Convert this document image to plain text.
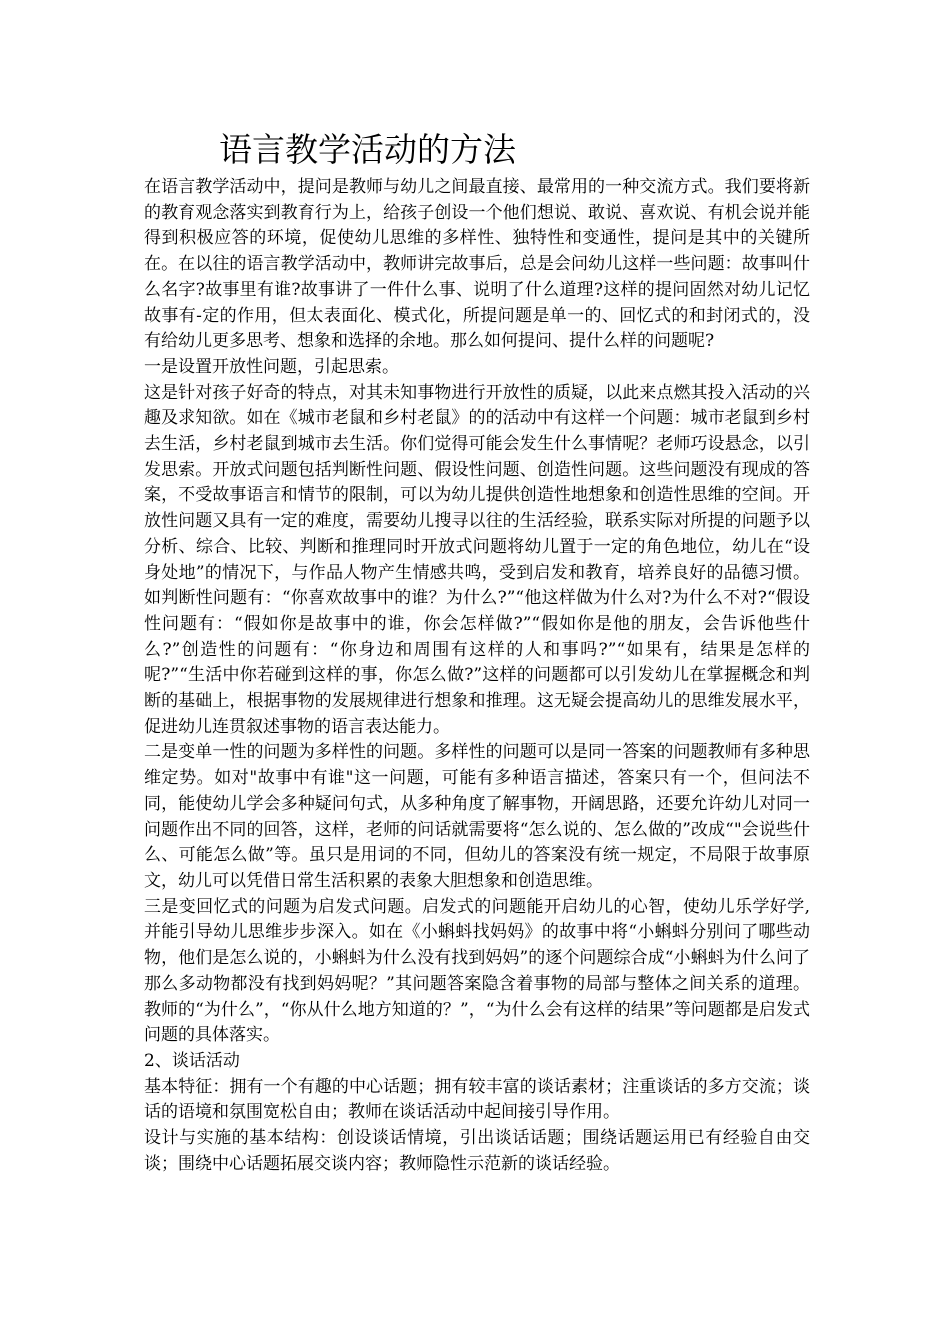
语言教学活动的方法

在语言教学活动中，提问是教师与幼儿之间最直接、最常用的一种交流方式。我们要将新的教育观念落实到教育行为上，给孩子创设一个他们想说、敢说、喜欢说、有机会说并能得到积极应答的环境，促使幼儿思维的多样性、独特性和变通性，提问是其中的关键所在。在以往的语言教学活动中，教师讲完故事后，总是会问幼儿这样一些问题：故事叫什么名字?故事里有谁?故事讲了一件什么事、说明了什么道理?这样的提问固然对幼儿记忆故事有-定的作用，但太表面化、模式化，所提问题是单一的、回忆式的和封闭式的，没有给幼儿更多思考、想象和选择的余地。那么如何提问、提什么样的问题呢?

一是设置开放性问题，引起思索。

这是针对孩子好奇的特点，对其未知事物进行开放性的质疑，以此来点燃其投入活动的兴趣及求知欲。如在《城市老鼠和乡村老鼠》的的活动中有这样一个问题：城市老鼠到乡村去生活，乡村老鼠到城市去生活。你们觉得可能会发生什么事情呢？老师巧设悬念，以引发思索。开放式问题包括判断性问题、假设性问题、创造性问题。这些问题没有现成的答案，不受故事语言和情节的限制，可以为幼儿提供创造性地想象和创造性思维的空间。开放性问题又具有一定的难度，需要幼儿搜寻以往的生活经验，联系实际对所提的问题予以分析、综合、比较、判断和推理同时开放式问题将幼儿置于一定的角色地位，幼儿在“设身处地”的情况下，与作品人物产生情感共鸣，受到启发和教育，培养良好的品德习惯。如判断性问题有：“你喜欢故事中的谁？为什么?”“他这样做为什么对?为什么不对?“假设性问题有：“假如你是故事中的谁，你会怎样做?”“假如你是他的朋友，会告诉他些什么?”创造性的问题有：“你身边和周围有这样的人和事吗?”“如果有，结果是怎样的呢?”“生活中你若碰到这样的事，你怎么做?”这样的问题都可以引发幼儿在掌握概念和判断的基础上，根据事物的发展规律进行想象和推理。这无疑会提高幼儿的思维发展水平，促进幼儿连贯叙述事物的语言表达能力。

二是变单一性的问题为多样性的问题。多样性的问题可以是同一答案的问题教师有多种思维定势。如对"故事中有谁"这一问题，可能有多种语言描述，答案只有一个，但问法不同，能使幼儿学会多种疑问句式，从多种角度了解事物，开阔思路，还要允许幼儿对同一问题作出不同的回答，这样，老师的问话就需要将“怎么说的、怎么做的”改成“"会说些什么、可能怎么做”等。虽只是用词的不同，但幼儿的答案没有统一规定，不局限于故事原文，幼儿可以凭借日常生活积累的表象大胆想象和创造思维。

三是变回忆式的问题为启发式问题。启发式的问题能开启幼儿的心智，使幼儿乐学好学,并能引导幼儿思维步步深入。如在《小蝌蚪找妈妈》的故事中将“小蝌蚪分别问了哪些动物，他们是怎么说的，小蝌蚪为什么没有找到妈妈”的逐个问题综合成“小蝌蚪为什么问了那么多动物都没有找到妈妈呢？”其问题答案隐含着事物的局部与整体之间关系的道理。教师的“为什么”，“你从什么地方知道的？”，“为什么会有这样的结果”等问题都是启发式问题的具体落实。

2、谈话活动

基本特征：拥有一个有趣的中心话题；拥有较丰富的谈话素材；注重谈话的多方交流；谈话的语境和氛围宽松自由；教师在谈话活动中起间接引导作用。

设计与实施的基本结构：创设谈话情境，引出谈话话题；围绕话题运用已有经验自由交谈；围绕中心话题拓展交谈内容；教师隐性示范新的谈话经验。
